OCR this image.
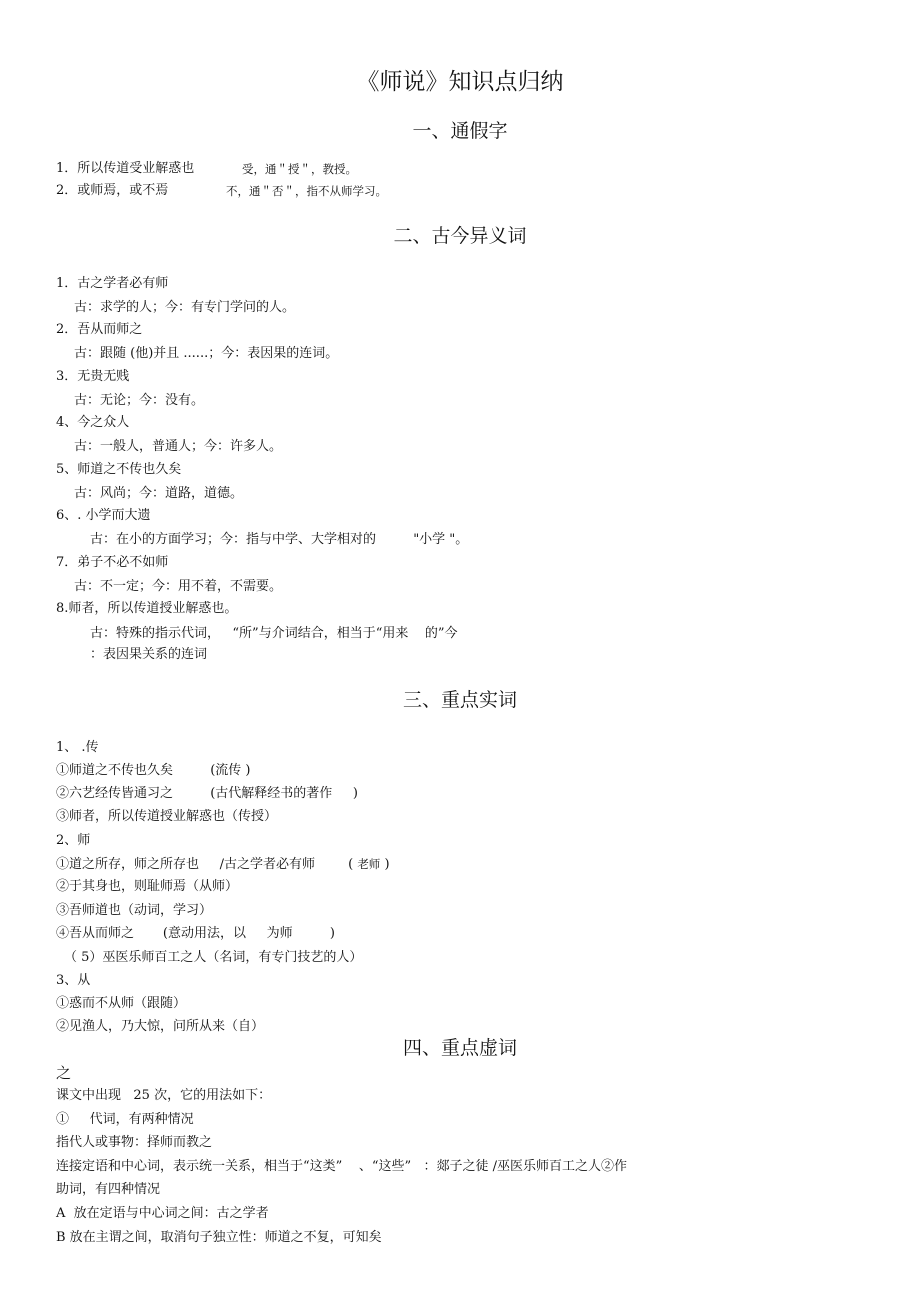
《师说》知识点归纳
一、通假字
1．所以传道受业解惑也	受，通＂授＂，教授。
2．或师焉，或不焉	不，通＂否＂，指不从师学习。
二、古今异义词
1．古之学者必有师
古：求学的人；今：有专门学问的人。
2．吾从而师之
古：跟随 (他)并且 ......；今：表因果的连词。
3．无贵无贱
古：无论；今：没有。
4、今之众人
古：一般人，普通人；今：许多人。
5、师道之不传也久矣
古：风尚；今：道路，道德。
6、. 小学而大遗
古：在小的方面学习；今：指与中学、大学相对的         "小学 "。
7．弟子不必不如师
古：不一定；今：用不着，不需要。
8.师者，所以传道授业解惑也。
古：特殊的指示代词，   “所”与介词结合，相当于“用来    的”今
：表因果关系的连词
三、重点实词
1、 .传
①师道之不传也久矣         (流传 )
②六艺经传皆通习之         (古代解释经书的著作     )
③师者，所以传道授业解惑也（传授）
2、师
①道之所存，师之所存也     /古之学者必有师        ( 老师 )
②于其身也，则耻师焉（从师）
③吾师道也（动词，学习）
④吾从而师之       (意动用法，以     为师         )
（ 5）巫医乐师百工之人（名词，有专门技艺的人）
3、从
①惑而不从师（跟随）
②见渔人，乃大惊，问所从来（自）
四、重点虚词
之
课文中出现   25 次，它的用法如下：
①     代词，有两种情况
指代人或事物：择师而教之
连接定语和中心词，表示统一关系，相当于“这类”    、“这些”   ：郯子之徒 /巫医乐师百工之人②作
助词，有四种情况
A  放在定语与中心词之间：古之学者
B 放在主谓之间，取消句子独立性：师道之不复，可知矣
